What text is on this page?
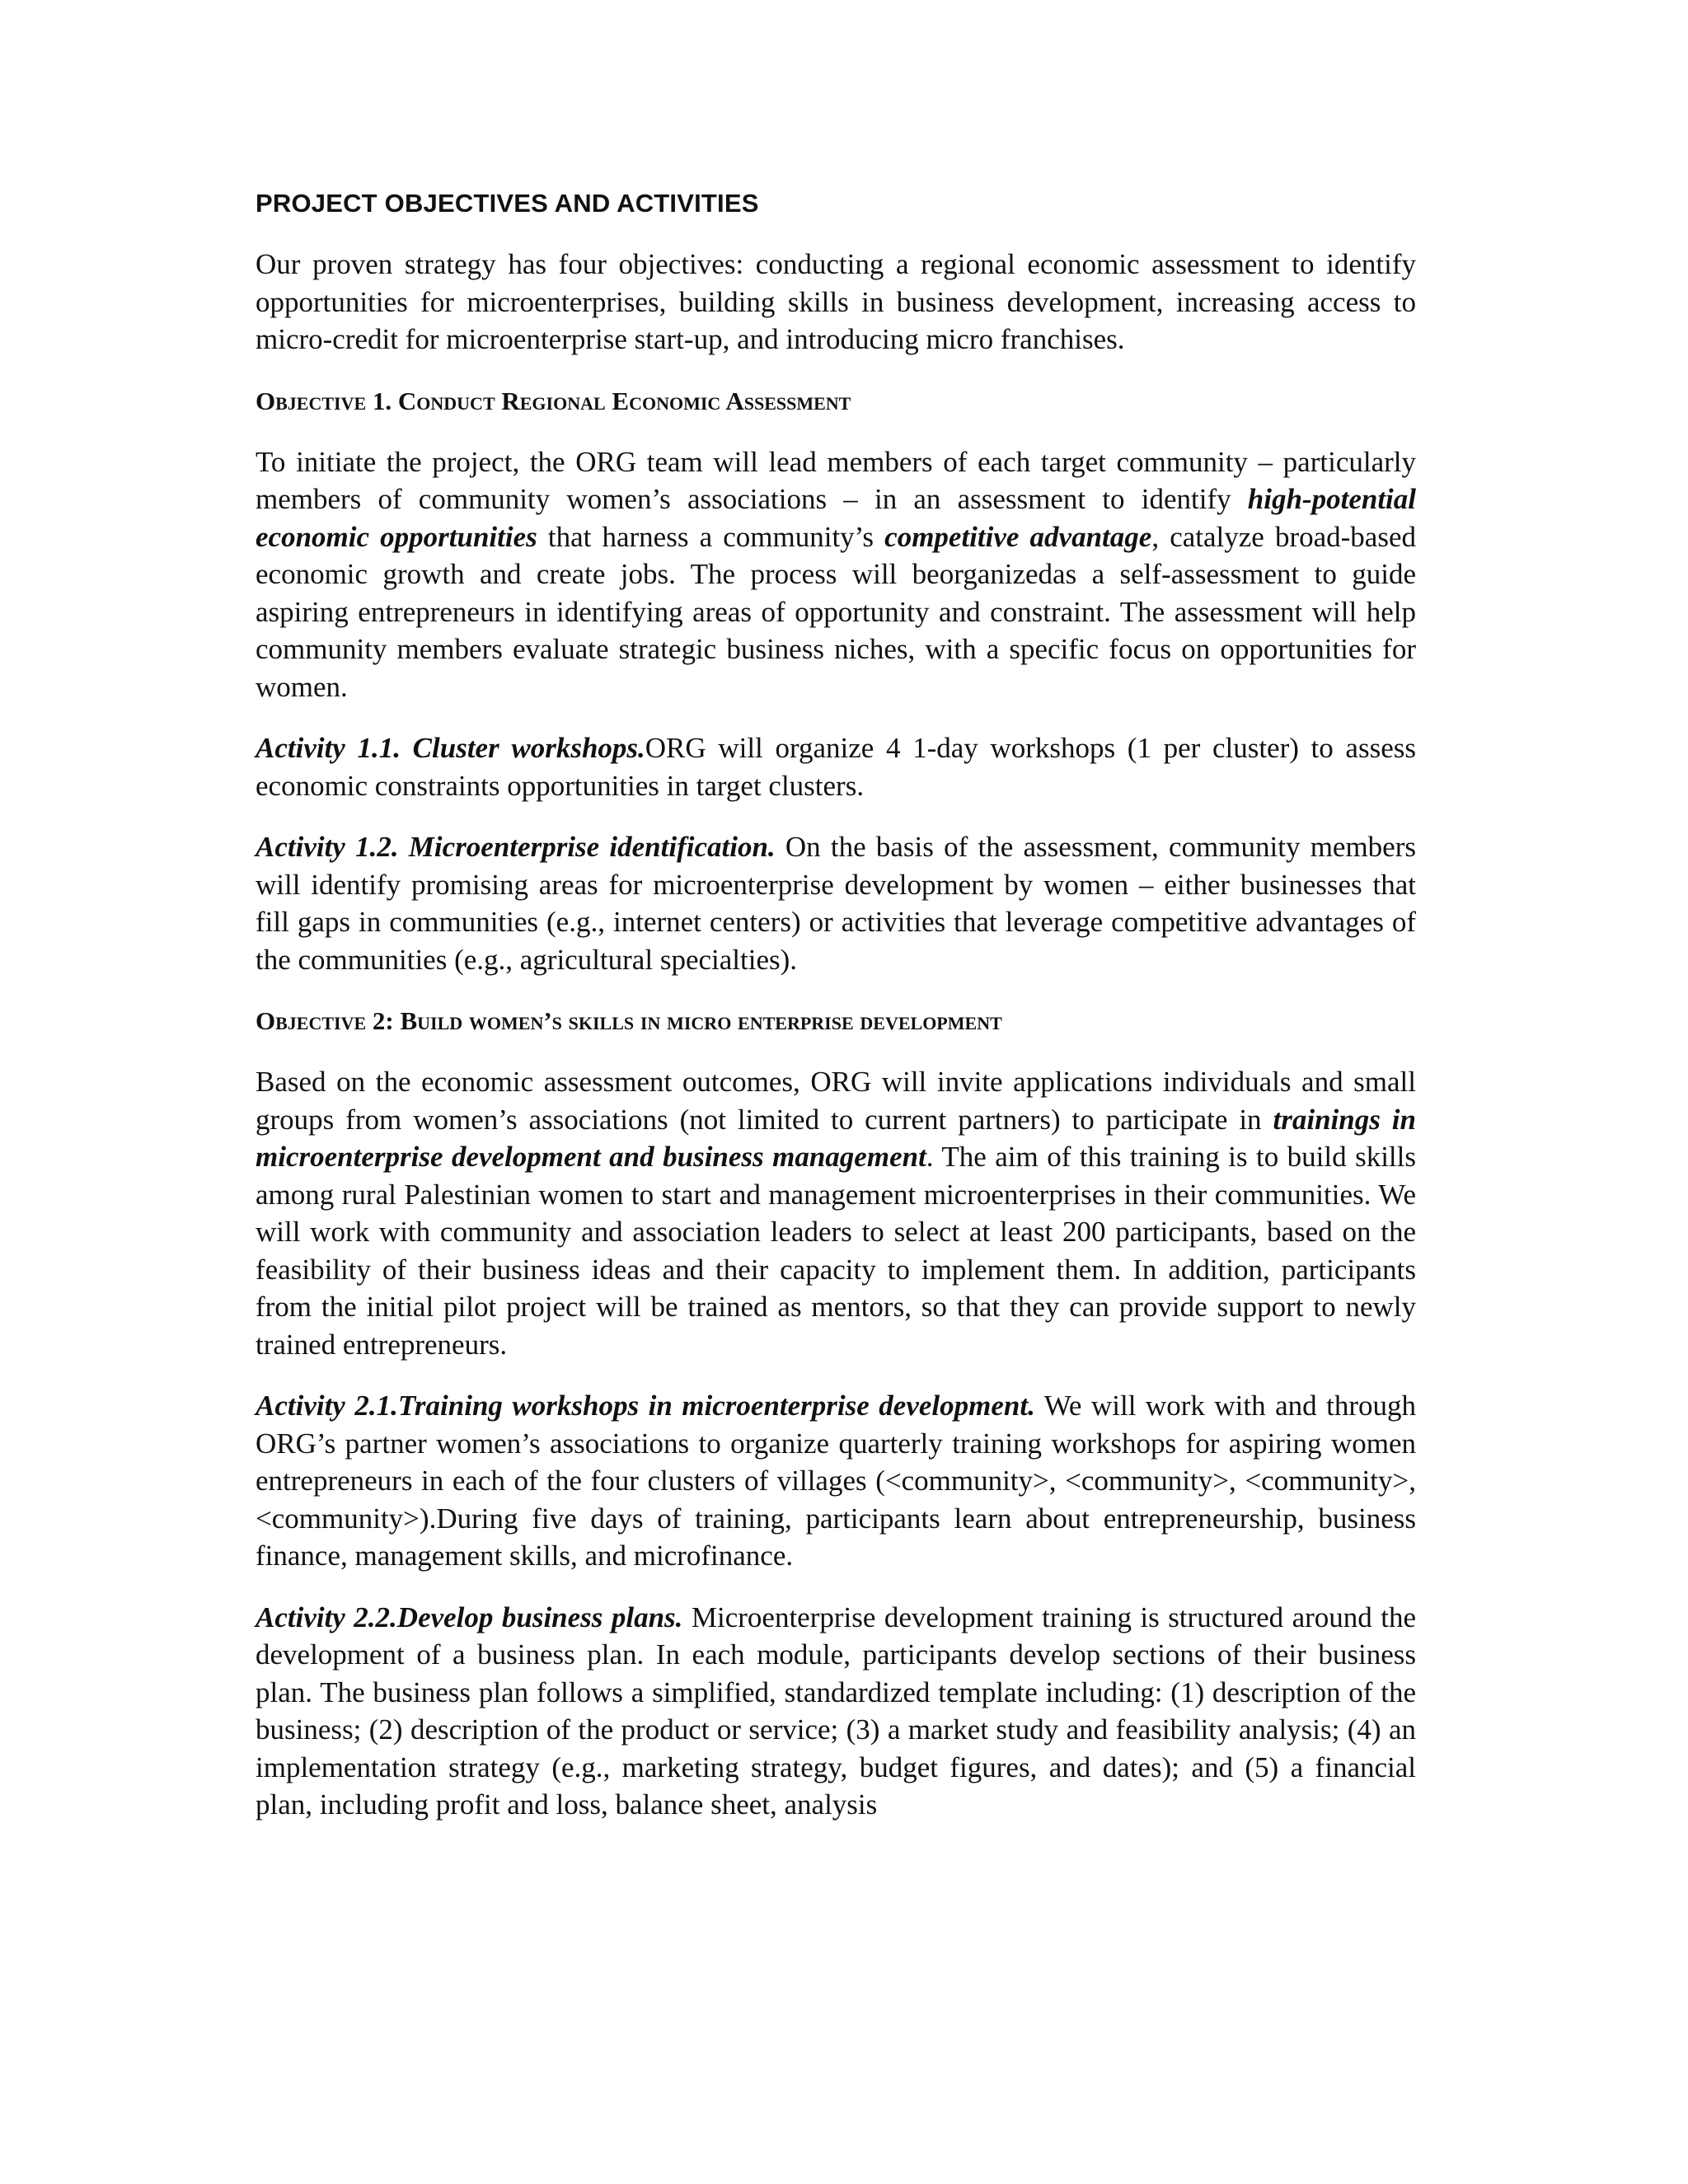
PROJECT OBJECTIVES AND ACTIVITIES

Our proven strategy has four objectives: conducting a regional economic assessment to identify opportunities for microenterprises, building skills in business development, increasing access to micro-credit for microenterprise start-up, and introducing micro franchises.

Objective 1. Conduct Regional Economic Assessment

To initiate the project, the ORG team will lead members of each target community – particularly members of community women’s associations – in an assessment to identify high-potential economic opportunities that harness a community’s competitive advantage, catalyze broad-based economic growth and create jobs. The process will beorganizedas a self-assessment to guide aspiring entrepreneurs in identifying areas of opportunity and constraint. The assessment will help community members evaluate strategic business niches, with a specific focus on opportunities for women.

Activity 1.1. Cluster workshops.ORG will organize 4 1-day workshops (1 per cluster) to assess economic constraints opportunities in target clusters.

Activity 1.2. Microenterprise identification. On the basis of the assessment, community members will identify promising areas for microenterprise development by women – either businesses that fill gaps in communities (e.g., internet centers) or activities that leverage competitive advantages of the communities (e.g., agricultural specialties).

Objective 2: Build women’s skills in micro enterprise development

Based on the economic assessment outcomes, ORG will invite applications individuals and small groups from women’s associations (not limited to current partners) to participate in trainings in microenterprise development and business management. The aim of this training is to build skills among rural Palestinian women to start and management microenterprises in their communities. We will work with community and association leaders to select at least 200 participants, based on the feasibility of their business ideas and their capacity to implement them. In addition, participants from the initial pilot project will be trained as mentors, so that they can provide support to newly trained entrepreneurs.

Activity 2.1.Training workshops in microenterprise development. We will work with and through ORG’s partner women’s associations to organize quarterly training workshops for aspiring women entrepreneurs in each of the four clusters of villages (<community>, <community>, <community>, <community>).During five days of training, participants learn about entrepreneurship, business finance, management skills, and microfinance.

Activity 2.2.Develop business plans. Microenterprise development training is structured around the development of a business plan. In each module, participants develop sections of their business plan. The business plan follows a simplified, standardized template including: (1) description of the business; (2) description of the product or service; (3) a market study and feasibility analysis; (4) an implementation strategy (e.g., marketing strategy, budget figures, and dates); and (5) a financial plan, including profit and loss, balance sheet, analysis
